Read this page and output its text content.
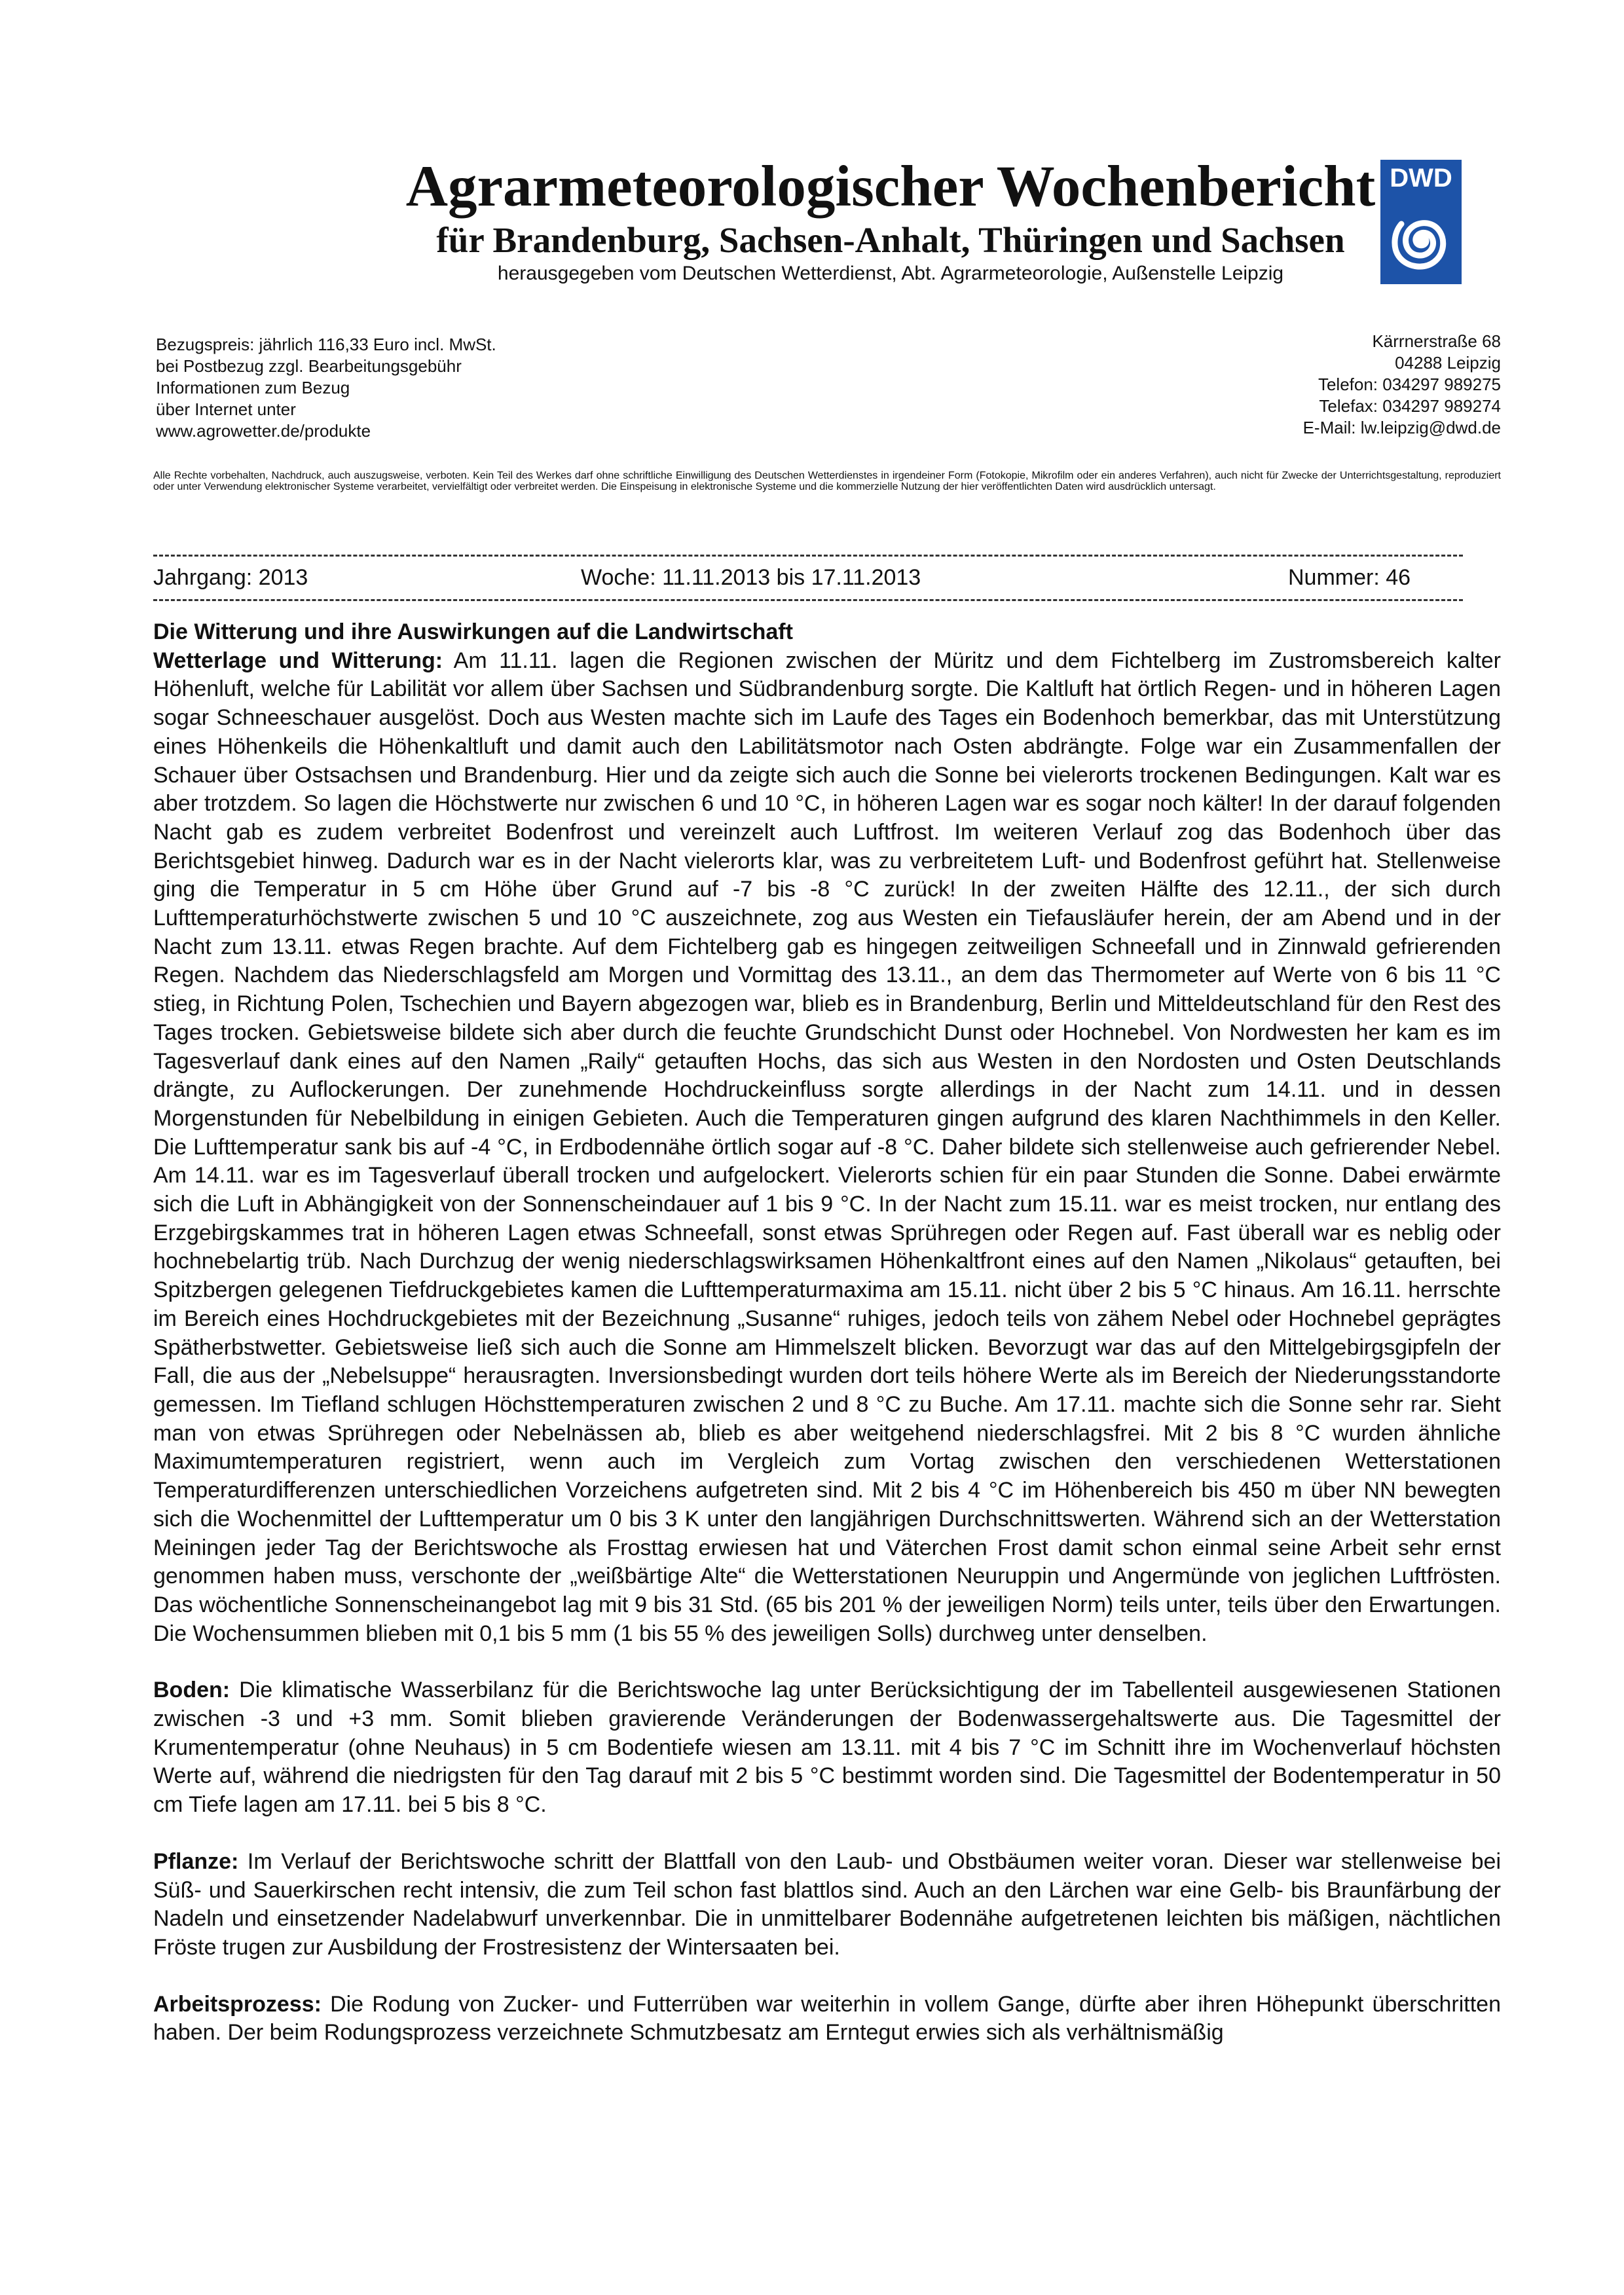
Agrarmeteorologischer Wochenbericht
für Brandenburg, Sachsen-Anhalt, Thüringen und Sachsen
herausgegeben vom Deutschen Wetterdienst, Abt. Agrarmeteorologie, Außenstelle Leipzig
DWD
Bezugspreis: jährlich 116,33 Euro incl. MwSt.
bei Postbezug zzgl. Bearbeitungsgebühr
Informationen zum Bezug
über Internet unter
www.agrowetter.de/produkte
Kärrnerstraße 68
04288 Leipzig
Telefon: 034297 989275
Telefax: 034297 989274
E-Mail: lw.leipzig@dwd.de
Alle Rechte vorbehalten, Nachdruck, auch auszugsweise, verboten. Kein Teil des Werkes darf ohne schriftliche Einwilligung des Deutschen Wetterdienstes in irgendeiner Form (Fotokopie, Mikrofilm oder ein anderes Verfahren), auch nicht für Zwecke der Unterrichtsgestaltung, reproduziert oder unter Verwendung elektronischer Systeme verarbeitet, vervielfältigt oder verbreitet werden. Die Einspeisung in elektronische Systeme und die kommerzielle Nutzung der hier veröffentlichten Daten wird ausdrücklich untersagt.
Jahrgang: 2013	Woche: 11.11.2013 bis 17.11.2013	Nummer: 46

Die Witterung und ihre Auswirkungen auf die Landwirtschaft

Wetterlage und Witterung: Am 11.11. lagen die Regionen zwischen der Müritz und dem Fichtelberg im Zustromsbereich kalter Höhenluft, welche für Labilität vor allem über Sachsen und Südbrandenburg sorgte. Die Kaltluft hat örtlich Regen- und in höheren Lagen sogar Schneeschauer ausgelöst. Doch aus Westen machte sich im Laufe des Tages ein Bodenhoch bemerkbar, das mit Unterstützung eines Höhenkeils die Höhenkaltluft und damit auch den Labilitätsmotor nach Osten abdrängte. Folge war ein Zusammenfallen der Schauer über Ostsachsen und Brandenburg. Hier und da zeigte sich auch die Sonne bei vielerorts trockenen Bedingungen. Kalt war es aber trotzdem. So lagen die Höchstwerte nur zwischen 6 und 10 °C, in höheren Lagen war es sogar noch kälter! In der darauf folgenden Nacht gab es zudem verbreitet Bodenfrost und vereinzelt auch Luftfrost. Im weiteren Verlauf zog das Bodenhoch über das Berichtsgebiet hinweg. Dadurch war es in der Nacht vielerorts klar, was zu verbreitetem Luft- und Bodenfrost geführt hat. Stellenweise ging die Temperatur in 5 cm Höhe über Grund auf -7 bis -8 °C zurück! In der zweiten Hälfte des 12.11., der sich durch Lufttemperaturhöchstwerte zwischen 5 und 10 °C auszeichnete, zog aus Westen ein Tiefausläufer herein, der am Abend und in der Nacht zum 13.11. etwas Regen brachte. Auf dem Fichtelberg gab es hingegen zeitweiligen Schneefall und in Zinnwald gefrierenden Regen. Nachdem das Niederschlagsfeld am Morgen und Vormittag des 13.11., an dem das Thermometer auf Werte von 6 bis 11 °C stieg, in Richtung Polen, Tschechien und Bayern abgezogen war, blieb es in Brandenburg, Berlin und Mitteldeutschland für den Rest des Tages trocken. Gebietsweise bildete sich aber durch die feuchte Grundschicht Dunst oder Hochnebel. Von Nordwesten her kam es im Tagesverlauf dank eines auf den Namen „Raily“ getauften Hochs, das sich aus Westen in den Nordosten und Osten Deutschlands drängte, zu Auflockerungen. Der zunehmende Hochdruckeinfluss sorgte allerdings in der Nacht zum 14.11. und in dessen Morgenstunden für Nebelbildung in einigen Gebieten. Auch die Temperaturen gingen aufgrund des klaren Nachthimmels in den Keller. Die Lufttemperatur sank bis auf -4 °C, in Erdbodennähe örtlich sogar auf -8 °C. Daher bildete sich stellenweise auch gefrierender Nebel. Am 14.11. war es im Tagesverlauf überall trocken und aufgelockert. Vielerorts schien für ein paar Stunden die Sonne. Dabei erwärmte sich die Luft in Abhängigkeit von der Sonnenscheindauer auf 1 bis 9 °C. In der Nacht zum 15.11. war es meist trocken, nur entlang des Erzgebirgskammes trat in höheren Lagen etwas Schneefall, sonst etwas Sprühregen oder Regen auf. Fast überall war es neblig oder hochnebelartig trüb. Nach Durchzug der wenig niederschlagswirksamen Höhenkaltfront eines auf den Namen „Nikolaus“ getauften, bei Spitzbergen gelegenen Tiefdruckgebietes kamen die Lufttemperaturmaxima am 15.11. nicht über 2 bis 5 °C hinaus. Am 16.11. herrschte im Bereich eines Hochdruckgebietes mit der Bezeichnung „Susanne“ ruhiges, jedoch teils von zähem Nebel oder Hochnebel geprägtes Spätherbstwetter. Gebietsweise ließ sich auch die Sonne am Himmelszelt blicken. Bevorzugt war das auf den Mittelgebirgsgipfeln der Fall, die aus der „Nebelsuppe“ herausragten. Inversionsbedingt wurden dort teils höhere Werte als im Bereich der Niederungsstandorte gemessen. Im Tiefland schlugen Höchsttemperaturen zwischen 2 und 8 °C zu Buche. Am 17.11. machte sich die Sonne sehr rar. Sieht man von etwas Sprühregen oder Nebelnässen ab, blieb es aber weitgehend niederschlagsfrei. Mit 2 bis 8 °C wurden ähnliche Maximumtemperaturen registriert, wenn auch im Vergleich zum Vortag zwischen den verschiedenen Wetterstationen Temperaturdifferenzen unterschiedlichen Vorzeichens aufgetreten sind. Mit 2 bis 4 °C im Höhenbereich bis 450 m über NN bewegten sich die Wochenmittel der Lufttemperatur um 0 bis 3 K unter den langjährigen Durchschnittswerten. Während sich an der Wetterstation Meiningen jeder Tag der Berichtswoche als Frosttag erwiesen hat und Väterchen Frost damit schon einmal seine Arbeit sehr ernst genommen haben muss, verschonte der „weißbärtige Alte“ die Wetterstationen Neuruppin und Angermünde von jeglichen Luftfrösten. Das wöchentliche Sonnenscheinangebot lag mit 9 bis 31 Std. (65 bis 201 % der jeweiligen Norm) teils unter, teils über den Erwartungen. Die Wochensummen blieben mit 0,1 bis 5 mm (1 bis 55 % des jeweiligen Solls) durchweg unter denselben.

Boden: Die klimatische Wasserbilanz für die Berichtswoche lag unter Berücksichtigung der im Tabellenteil ausgewiesenen Stationen zwischen -3 und +3 mm. Somit blieben gravierende Veränderungen der Bodenwassergehaltswerte aus. Die Tagesmittel der Krumentemperatur (ohne Neuhaus) in 5 cm Bodentiefe wiesen am 13.11. mit 4 bis 7 °C im Schnitt ihre im Wochenverlauf höchsten Werte auf, während die niedrigsten für den Tag darauf mit 2 bis 5 °C bestimmt worden sind. Die Tagesmittel der Bodentemperatur in 50 cm Tiefe lagen am 17.11. bei 5 bis 8 °C.

Pflanze: Im Verlauf der Berichtswoche schritt der Blattfall von den Laub- und Obstbäumen weiter voran. Dieser war stellenweise bei Süß- und Sauerkirschen recht intensiv, die zum Teil schon fast blattlos sind. Auch an den Lärchen war eine Gelb- bis Braunfärbung der Nadeln und einsetzender Nadelabwurf unverkennbar. Die in unmittelbarer Bodennähe aufgetretenen leichten bis mäßigen, nächtlichen Fröste trugen zur Ausbildung der Frostresistenz der Wintersaaten bei.

Arbeitsprozess: Die Rodung von Zucker- und Futterrüben war weiterhin in vollem Gange, dürfte aber ihren Höhepunkt überschritten haben. Der beim Rodungsprozess verzeichnete Schmutzbesatz am Erntegut erwies sich als verhältnismäßig
